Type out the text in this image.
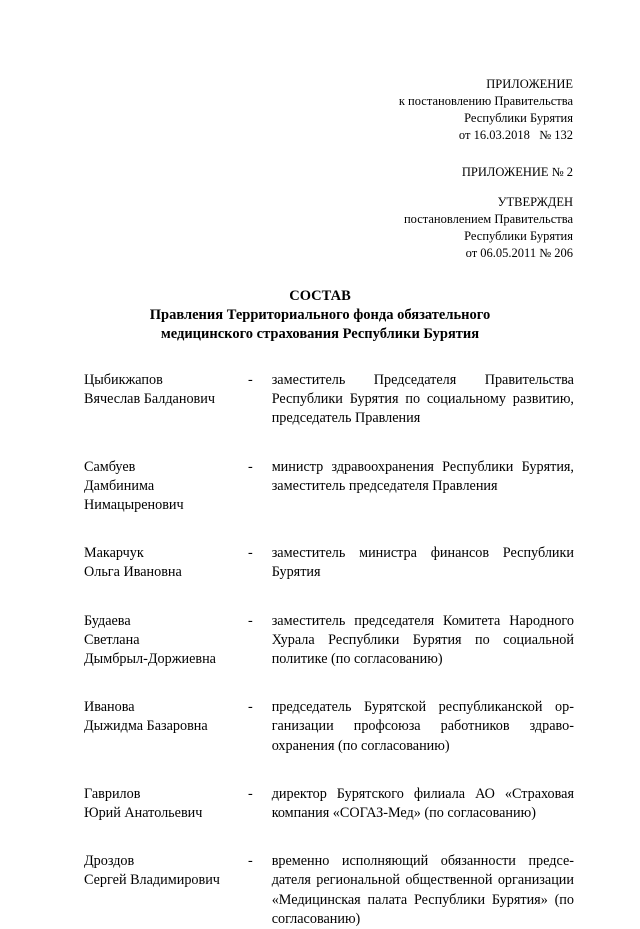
ПРИЛОЖЕНИЕ
к постановлению Правительства
Республики Бурятия
от 16.03.2018   № 132
ПРИЛОЖЕНИЕ № 2
УТВЕРЖДЕН
постановлением Правительства
Республики Бурятия
от 06.05.2011 № 206
СОСТАВ
Правления Территориального фонда обязательного
медицинского страхования Республики Бурятия
Цыбикжапов
Вячеслав Балданович
-	заместитель Председателя Правительства Республики Бурятия по социальному развитию, председатель Правления
Самбуев
Дамбинима
Нимацыренович
-	министр здравоохранения Республики Бурятия, заместитель председателя Правления
Макарчук
Ольга Ивановна
-	заместитель министра финансов Республики Бурятия
Будаева
Светлана
Дымбрыл-Доржиевна
-	заместитель председателя Комитета Народного Хурала Республики Бурятия по социальной политике (по согласованию)
Иванова
Дыжидма Базаровна
-	председатель Бурятской республиканской организации профсоюза работников здравоохранения (по согласованию)
Гаврилов
Юрий Анатольевич
-	директор Бурятского филиала АО «Страховая компания «СОГАЗ-Мед» (по согласованию)
Дроздов
Сергей Владимирович
-	временно исполняющий обязанности председателя региональной общественной организации «Медицинская палата Республики Бурятия» (по согласованию)
